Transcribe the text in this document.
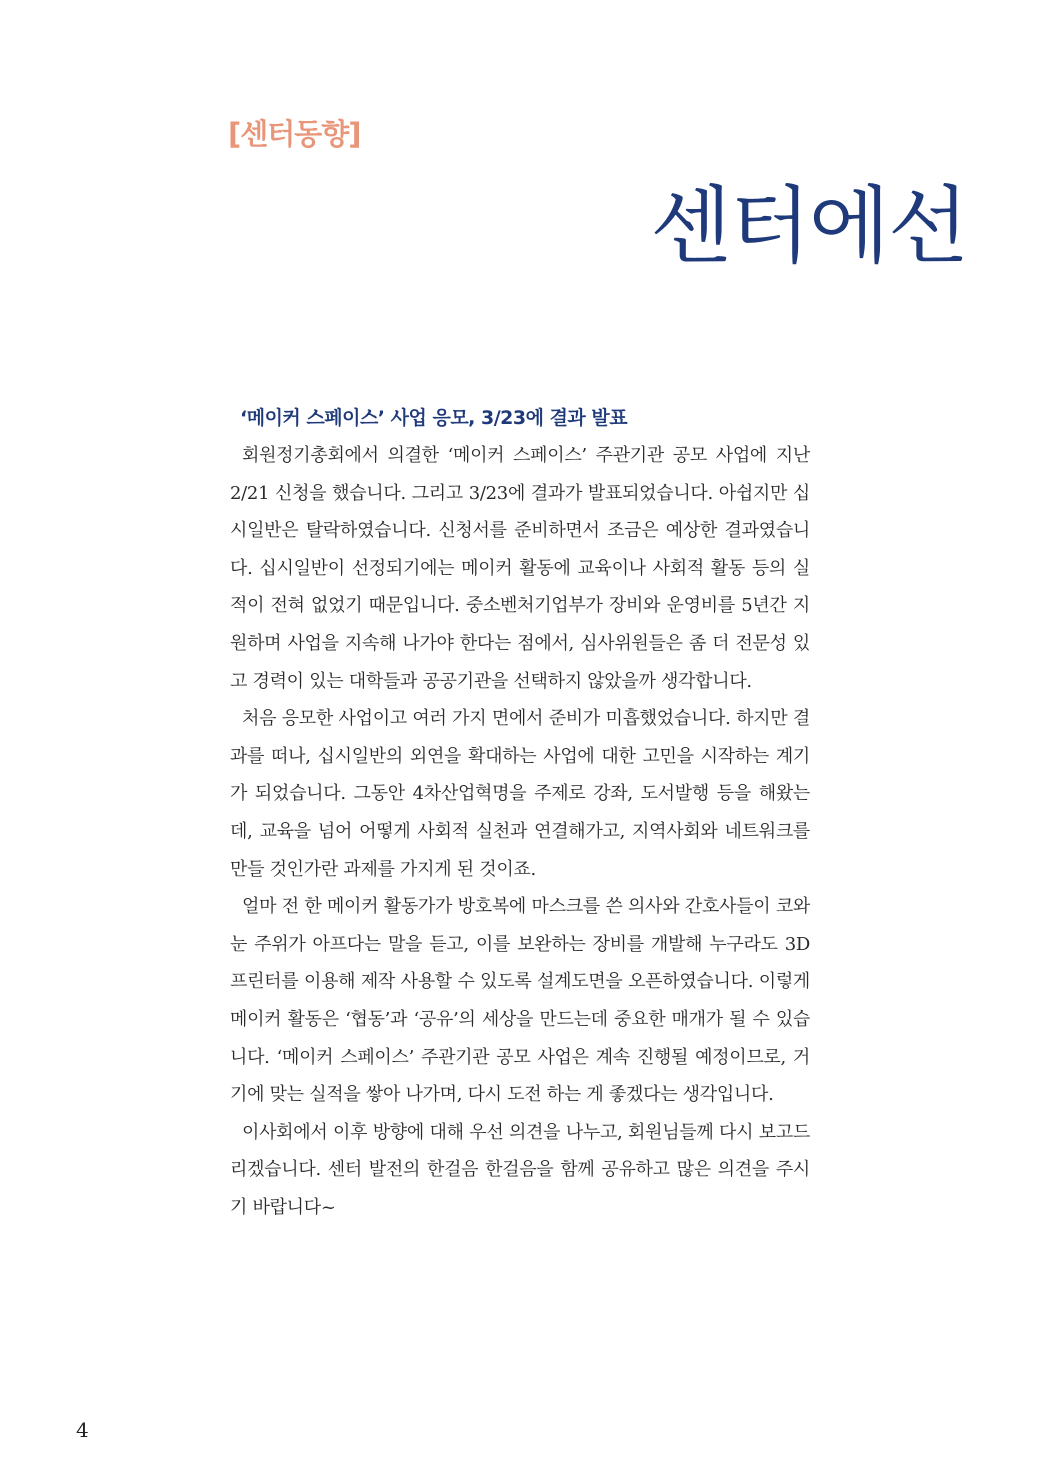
[센터동향]
센터에선
‘메이커 스페이스’ 사업 응모, 3/23에 결과 발표

회원정기총회에서 의결한 ‘메이커 스페이스’ 주관기관 공모 사업에 지난 2/21 신청을 했습니다. 그리고 3/23에 결과가 발표되었습니다. 아쉽지만 십시일반은 탈락하였습니다. 신청서를 준비하면서 조금은 예상한 결과였습니다. 십시일반이 선정되기에는 메이커 활동에 교육이나 사회적 활동 등의 실적이 전혀 없었기 때문입니다. 중소벤처기업부가 장비와 운영비를 5년간 지원하며 사업을 지속해 나가야 한다는 점에서, 심사위원들은 좀 더 전문성 있고 경력이 있는 대학들과 공공기관을 선택하지 않았을까 생각합니다.

처음 응모한 사업이고 여러 가지 면에서 준비가 미흡했었습니다. 하지만 결과를 떠나, 십시일반의 외연을 확대하는 사업에 대한 고민을 시작하는 계기가 되었습니다. 그동안 4차산업혁명을 주제로 강좌, 도서발행 등을 해왔는데, 교육을 넘어 어떻게 사회적 실천과 연결해가고, 지역사회와 네트워크를 만들 것인가란 과제를 가지게 된 것이죠.

얼마 전 한 메이커 활동가가 방호복에 마스크를 쓴 의사와 간호사들이 코와 눈 주위가 아프다는 말을 듣고, 이를 보완하는 장비를 개발해 누구라도 3D 프린터를 이용해 제작 사용할 수 있도록 설계도면을 오픈하였습니다. 이렇게 메이커 활동은 ‘협동’과 ‘공유’의 세상을 만드는데 중요한 매개가 될 수 있습니다. ‘메이커 스페이스’ 주관기관 공모 사업은 계속 진행될 예정이므로, 거기에 맞는 실적을 쌓아 나가며, 다시 도전 하는 게 좋겠다는 생각입니다.

이사회에서 이후 방향에 대해 우선 의견을 나누고, 회원님들께 다시 보고드리겠습니다. 센터 발전의 한걸음 한걸음을 함께 공유하고 많은 의견을 주시기 바랍니다~

4
